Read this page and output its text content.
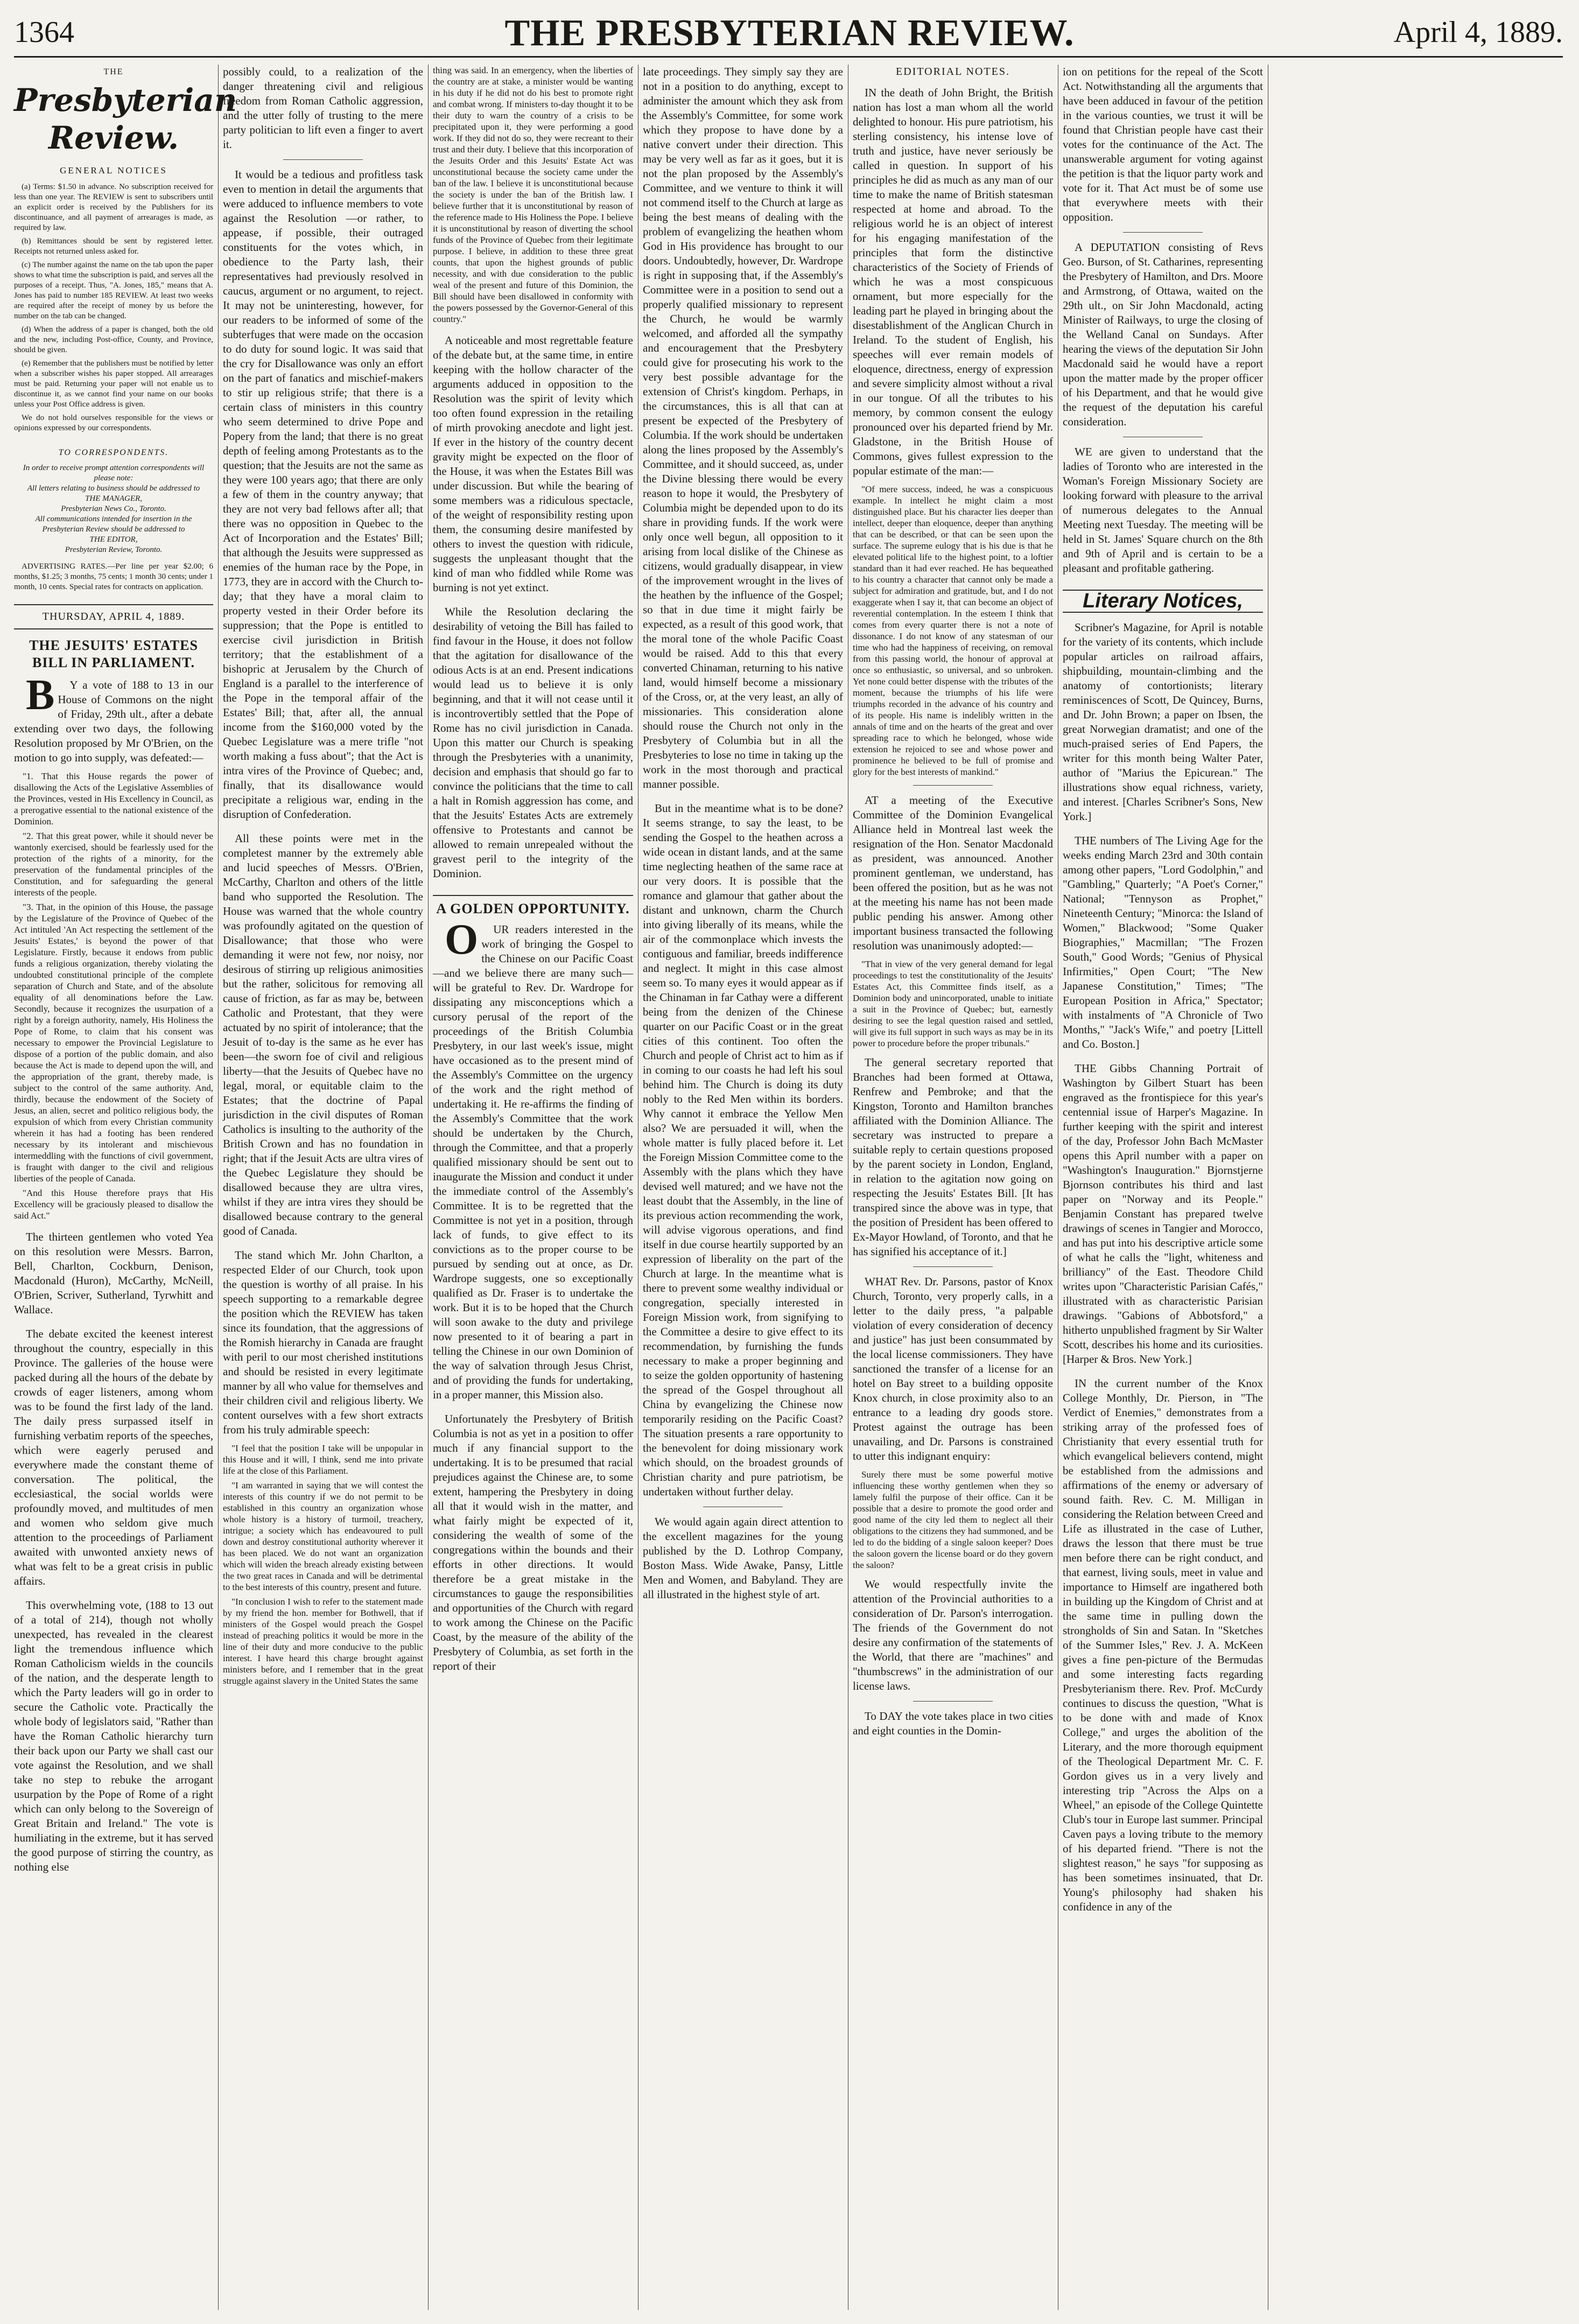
1364	THE PRESBYTERIAN REVIEW.	April 4, 1889.
THE
Presbyterian Review.
GENERAL NOTICES

(a) Terms: $1.50 in advance. No subscription received for less than one year. The REVIEW is sent to subscribers until an explicit order is received by the Publishers for its discontinuance, and all payment of arrearages is made, as required by law.

(b) Remittances should be sent by registered letter. Receipts not returned unless asked for.

(c) The number against the name on the tab upon the paper shows to what time the subscription is paid, and serves all the purposes of a receipt. Thus, "A. Jones, 185," means that A. Jones has paid to number 185 REVIEW. At least two weeks are required after the receipt of money by us before the number on the tab can be changed.

(d) When the address of a paper is changed, both the old and the new, including Post-office, County, and Province, should be given.

(e) Remember that the publishers must be notified by letter when a subscriber wishes his paper stopped. All arrearages must be paid. Returning your paper will not enable us to discontinue it, as we cannot find your name on our books unless your Post Office address is given.

We do not hold ourselves responsible for the views or opinions expressed by our correspondents.

TO CORRESPONDENTS.
In order to receive prompt attention correspondents will please note:
All letters relating to business should be addressed to
THE MANAGER,
Presbyterian News Co., Toronto.
All communications intended for insertion in the Presbyterian Review should be addressed to
THE EDITOR,
Presbyterian Review, Toronto.

ADVERTISING RATES.—Per line per year $2.00; 6 months, $1.25; 3 months, 75 cents; 1 month 30 cents; under 1 month, 10 cents. Special rates for contracts on application.

THURSDAY, APRIL 4, 1889.
THE JESUITS' ESTATES BILL IN PARLIAMENT.

BY a vote of 188 to 13 in our House of Commons on the night of Friday, 29th ult., after a debate extending over two days, the following Resolution proposed by Mr O'Brien, on the motion to go into supply, was defeated:—

"1. That this House regards the power of disallowing the Acts of the Legislative Assemblies of the Provinces, vested in His Excellency in Council, as a prerogative essential to the national existence of the Dominion.

"2. That this great power, while it should never be wantonly exercised, should be fearlessly used for the protection of the rights of a minority, for the preservation of the fundamental principles of the Constitution, and for safeguarding the general interests of the people.

"3. That, in the opinion of this House, the passage by the Legislature of the Province of Quebec of the Act intituled 'An Act respecting the settlement of the Jesuits' Estates,' is beyond the power of that Legislature. Firstly, because it endows from public funds a religious organization, thereby violating the undoubted constitutional principle of the complete separation of Church and State, and of the absolute equality of all denominations before the Law. Secondly, because it recognizes the usurpation of a right by a foreign authority, namely, His Holiness the Pope of Rome, to claim that his consent was necessary to empower the Provincial Legislature to dispose of a portion of the public domain, and also because the Act is made to depend upon the will, and the appropriation of the grant, thereby made, is subject to the control of the same authority. And, thirdly, because the endowment of the Society of Jesus, an alien, secret and politico religious body, the expulsion of which from every Christian community wherein it has had a footing has been rendered necessary by its intolerant and mischievous intermeddling with the functions of civil government, is fraught with danger to the civil and religious liberties of the people of Canada.

"And this House therefore prays that His Excellency will be graciously pleased to disallow the said Act."

The thirteen gentlemen who voted Yea on this resolution were Messrs. Barron, Bell, Charlton, Cockburn, Denison, Macdonald (Huron), McCarthy, McNeill, O'Brien, Scriver, Sutherland, Tyrwhitt and Wallace.

The debate excited the keenest interest throughout the country, especially in this Province. The galleries of the house were packed during all the hours of the debate by crowds of eager listeners, among whom was to be found the first lady of the land. The daily press surpassed itself in furnishing verbatim reports of the speeches, which were eagerly perused and everywhere made the constant theme of conversation. The political, the ecclesiastical, the social worlds were profoundly moved, and multitudes of men and women who seldom give much attention to the proceedings of Parliament awaited with unwonted anxiety news of what was felt to be a great crisis in public affairs.

This overwhelming vote, (188 to 13 out of a total of 214), though not wholly unexpected, has revealed in the clearest light the tremendous influence which Roman Catholicism wields in the councils of the nation, and the desperate length to which the Party leaders will go in order to secure the Catholic vote. Practically the whole body of legislators said, "Rather than have the Roman Catholic hierarchy turn their back upon our Party we shall cast our vote against the Resolution, and we shall take no step to rebuke the arrogant usurpation by the Pope of Rome of a right which can only belong to the Sovereign of Great Britain and Ireland." The vote is humiliating in the extreme, but it has served the good purpose of stirring the country, as nothing else

possibly could, to a realization of the danger threatening civil and religious freedom from Roman Catholic aggression, and the utter folly of trusting to the mere party politician to lift even a finger to avert it.

It would be a tedious and profitless task even to mention in detail the arguments that were adduced to influence members to vote against the Resolution —or rather, to appease, if possible, their outraged constituents for the votes which, in obedience to the Party lash, their representatives had previously resolved in caucus, argument or no argument, to reject. It may not be uninteresting, however, for our readers to be informed of some of the subterfuges that were made on the occasion to do duty for sound logic. It was said that the cry for Disallowance was only an effort on the part of fanatics and mischief-makers to stir up religious strife; that there is a certain class of ministers in this country who seem determined to drive Pope and Popery from the land; that there is no great depth of feeling among Protestants as to the question; that the Jesuits are not the same as they were 100 years ago; that there are only a few of them in the country anyway; that they are not very bad fellows after all; that there was no opposition in Quebec to the Act of Incorporation and the Estates' Bill; that although the Jesuits were suppressed as enemies of the human race by the Pope, in 1773, they are in accord with the Church to-day; that they have a moral claim to property vested in their Order before its suppression; that the Pope is entitled to exercise civil jurisdiction in British territory; that the establishment of a bishopric at Jerusalem by the Church of England is a parallel to the interference of the Pope in the temporal affair of the Estates' Bill; that, after all, the annual income from the $160,000 voted by the Quebec Legislature was a mere trifle "not worth making a fuss about"; that the Act is intra vires of the Province of Quebec; and, finally, that its disallowance would precipitate a religious war, ending in the disruption of Confederation.

All these points were met in the completest manner by the extremely able and lucid speeches of Messrs. O'Brien, McCarthy, Charlton and others of the little band who supported the Resolution. The House was warned that the whole country was profoundly agitated on the question of Disallowance; that those who were demanding it were not few, nor noisy, nor desirous of stirring up religious animosities but the rather, solicitous for removing all cause of friction, as far as may be, between Catholic and Protestant, that they were actuated by no spirit of intolerance; that the Jesuit of to-day is the same as he ever has been—the sworn foe of civil and religious liberty—that the Jesuits of Quebec have no legal, moral, or equitable claim to the Estates; that the doctrine of Papal jurisdiction in the civil disputes of Roman Catholics is insulting to the authority of the British Crown and has no foundation in right; that if the Jesuit Acts are ultra vires of the Quebec Legislature they should be disallowed because they are ultra vires, whilst if they are intra vires they should be disallowed because contrary to the general good of Canada.

The stand which Mr. John Charlton, a respected Elder of our Church, took upon the question is worthy of all praise. In his speech supporting to a remarkable degree the position which the REVIEW has taken since its foundation, that the aggressions of the Romish hierarchy in Canada are fraught with peril to our most cherished institutions and should be resisted in every legitimate manner by all who value for themselves and their children civil and religious liberty. We content ourselves with a few short extracts from his truly admirable speech:

"I feel that the position I take will be unpopular in this House and it will, I think, send me into private life at the close of this Parliament.

"I am warranted in saying that we will contest the interests of this country if we do not permit to be established in this country an organization whose whole history is a history of turmoil, treachery, intrigue; a society which has endeavoured to pull down and destroy constitutional authority wherever it has been placed. We do not want an organization which will widen the breach already existing between the two great races in Canada and will be detrimental to the best interests of this country, present and future.

"In conclusion I wish to refer to the statement made by my friend the hon. member for Bothwell, that if ministers of the Gospel would preach the Gospel instead of preaching politics it would be more in the line of their duty and more conducive to the public interest. I have heard this charge brought against ministers before, and I remember that in the great struggle against slavery in the United States the same

thing was said. In an emergency, when the liberties of the country are at stake, a minister would be wanting in his duty if he did not do his best to promote right and combat wrong. If ministers to-day thought it to be their duty to warn the country of a crisis to be precipitated upon it, they were performing a good work. If they did not do so, they were recreant to their trust and their duty. I believe that this incorporation of the Jesuits Order and this Jesuits' Estate Act was unconstitutional because the society came under the ban of the law. I believe it is unconstitutional because the society is under the ban of the British law. I believe further that it is unconstitutional by reason of the reference made to His Holiness the Pope. I believe it is unconstitutional by reason of diverting the school funds of the Province of Quebec from their legitimate purpose. I believe, in addition to these three great counts, that upon the highest grounds of public necessity, and with due consideration to the public weal of the present and future of this Dominion, the Bill should have been disallowed in conformity with the powers possessed by the Governor-General of this country."

A noticeable and most regrettable feature of the debate but, at the same time, in entire keeping with the hollow character of the arguments adduced in opposition to the Resolution was the spirit of levity which too often found expression in the retailing of mirth provoking anecdote and light jest. If ever in the history of the country decent gravity might be expected on the floor of the House, it was when the Estates Bill was under discussion. But while the bearing of some members was a ridiculous spectacle, of the weight of responsibility resting upon them, the consuming desire manifested by others to invest the question with ridicule, suggests the unpleasant thought that the kind of man who fiddled while Rome was burning is not yet extinct.

While the Resolution declaring the desirability of vetoing the Bill has failed to find favour in the House, it does not follow that the agitation for disallowance of the odious Acts is at an end. Present indications would lead us to believe it is only beginning, and that it will not cease until it is incontrovertibly settled that the Pope of Rome has no civil jurisdiction in Canada. Upon this matter our Church is speaking through the Presbyteries with a unanimity, decision and emphasis that should go far to convince the politicians that the time to call a halt in Romish aggression has come, and that the Jesuits' Estates Acts are extremely offensive to Protestants and cannot be allowed to remain unrepealed without the gravest peril to the integrity of the Dominion.

A GOLDEN OPPORTUNITY.

OUR readers interested in the work of bringing the Gospel to the Chinese on our Pacific Coast—and we believe there are many such—will be grateful to Rev. Dr. Wardrope for dissipating any misconceptions which a cursory perusal of the report of the proceedings of the British Columbia Presbytery, in our last week's issue, might have occasioned as to the present mind of the Assembly's Committee on the urgency of the work and the right method of undertaking it. He re-affirms the finding of the Assembly's Committee that the work should be undertaken by the Church, through the Committee, and that a properly qualified missionary should be sent out to inaugurate the Mission and conduct it under the immediate control of the Assembly's Committee. It is to be regretted that the Committee is not yet in a position, through lack of funds, to give effect to its convictions as to the proper course to be pursued by sending out at once, as Dr. Wardrope suggests, one so exceptionally qualified as Dr. Fraser is to undertake the work. But it is to be hoped that the Church will soon awake to the duty and privilege now presented to it of bearing a part in telling the Chinese in our own Dominion of the way of salvation through Jesus Christ, and of providing the funds for undertaking, in a proper manner, this Mission also.

Unfortunately the Presbytery of British Columbia is not as yet in a position to offer much if any financial support to the undertaking. It is to be presumed that racial prejudices against the Chinese are, to some extent, hampering the Presbytery in doing all that it would wish in the matter, and what fairly might be expected of it, considering the wealth of some of the congregations within the bounds and their efforts in other directions. It would therefore be a great mistake in the circumstances to gauge the responsibilities and opportunities of the Church with regard to work among the Chinese on the Pacific Coast, by the measure of the ability of the Presbytery of Columbia, as set forth in the report of their

late proceedings. They simply say they are not in a position to do anything, except to administer the amount which they ask from the Assembly's Committee, for some work which they propose to have done by a native convert under their direction. This may be very well as far as it goes, but it is not the plan proposed by the Assembly's Committee, and we venture to think it will not commend itself to the Church at large as being the best means of dealing with the problem of evangelizing the heathen whom God in His providence has brought to our doors. Undoubtedly, however, Dr. Wardrope is right in supposing that, if the Assembly's Committee were in a position to send out a properly qualified missionary to represent the Church, he would be warmly welcomed, and afforded all the sympathy and encouragement that the Presbytery could give for prosecuting his work to the very best possible advantage for the extension of Christ's kingdom. Perhaps, in the circumstances, this is all that can at present be expected of the Presbytery of Columbia. If the work should be undertaken along the lines proposed by the Assembly's Committee, and it should succeed, as, under the Divine blessing there would be every reason to hope it would, the Presbytery of Columbia might be depended upon to do its share in providing funds. If the work were only once well begun, all opposition to it arising from local dislike of the Chinese as citizens, would gradually disappear, in view of the improvement wrought in the lives of the heathen by the influence of the Gospel; so that in due time it might fairly be expected, as a result of this good work, that the moral tone of the whole Pacific Coast would be raised. Add to this that every converted Chinaman, returning to his native land, would himself become a missionary of the Cross, or, at the very least, an ally of missionaries. This consideration alone should rouse the Church not only in the Presbytery of Columbia but in all the Presbyteries to lose no time in taking up the work in the most thorough and practical manner possible.

But in the meantime what is to be done? It seems strange, to say the least, to be sending the Gospel to the heathen across a wide ocean in distant lands, and at the same time neglecting heathen of the same race at our very doors. It is possible that the romance and glamour that gather about the distant and unknown, charm the Church into giving liberally of its means, while the air of the commonplace which invests the contiguous and familiar, breeds indifference and neglect. It might in this case almost seem so. To many eyes it would appear as if the Chinaman in far Cathay were a different being from the denizen of the Chinese quarter on our Pacific Coast or in the great cities of this continent. Too often the Church and people of Christ act to him as if in coming to our coasts he had left his soul behind him. The Church is doing its duty nobly to the Red Men within its borders. Why cannot it embrace the Yellow Men also? We are persuaded it will, when the whole matter is fully placed before it. Let the Foreign Mission Committee come to the Assembly with the plans which they have devised well matured; and we have not the least doubt that the Assembly, in the line of its previous action recommending the work, will advise vigorous operations, and find itself in due course heartily supported by an expression of liberality on the part of the Church at large. In the meantime what is there to prevent some wealthy individual or congregation, specially interested in Foreign Mission work, from signifying to the Committee a desire to give effect to its recommendation, by furnishing the funds necessary to make a proper beginning and to seize the golden opportunity of hastening the spread of the Gospel throughout all China by evangelizing the Chinese now temporarily residing on the Pacific Coast? The situation presents a rare opportunity to the benevolent for doing missionary work which should, on the broadest grounds of Christian charity and pure patriotism, be undertaken without further delay.

We would again again direct attention to the excellent magazines for the young published by the D. Lothrop Company, Boston Mass. Wide Awake, Pansy, Little Men and Women, and Babyland. They are all illustrated in the highest style of art.

EDITORIAL NOTES.

IN the death of John Bright, the British nation has lost a man whom all the world delighted to honour. His pure patriotism, his sterling consistency, his intense love of truth and justice, have never seriously be called in question. In support of his principles he did as much as any man of our time to make the name of British statesman respected at home and abroad. To the religious world he is an object of interest for his engaging manifestation of the principles that form the distinctive characteristics of the Society of Friends of which he was a most conspicuous ornament, but more especially for the leading part he played in bringing about the disestablishment of the Anglican Church in Ireland. To the student of English, his speeches will ever remain models of eloquence, directness, energy of expression and severe simplicity almost without a rival in our tongue. Of all the tributes to his memory, by common consent the eulogy pronounced over his departed friend by Mr. Gladstone, in the British House of Commons, gives fullest expression to the popular estimate of the man:—

"Of mere success, indeed, he was a conspicuous example. In intellect he might claim a most distinguished place. But his character lies deeper than intellect, deeper than eloquence, deeper than anything that can be described, or that can be seen upon the surface. The supreme eulogy that is his due is that he elevated political life to the highest point, to a loftier standard than it had ever reached. He has bequeathed to his country a character that cannot only be made a subject for admiration and gratitude, but, and I do not exaggerate when I say it, that can become an object of reverential contemplation. In the esteem I think that comes from every quarter there is not a note of dissonance. I do not know of any statesman of our time who had the happiness of receiving, on removal from this passing world, the honour of approval at once so enthusiastic, so universal, and so unbroken. Yet none could better dispense with the tributes of the moment, because the triumphs of his life were triumphs recorded in the advance of his country and of its people. His name is indelibly written in the annals of time and on the hearts of the great and over spreading race to which he belonged, whose wide extension he rejoiced to see and whose power and prominence he believed to be full of promise and glory for the best interests of mankind."

AT a meeting of the Executive Committee of the Dominion Evangelical Alliance held in Montreal last week the resignation of the Hon. Senator Macdonald as president, was announced. Another prominent gentleman, we understand, has been offered the position, but as he was not at the meeting his name has not been made public pending his answer. Among other important business transacted the following resolution was unanimously adopted:—

"That in view of the very general demand for legal proceedings to test the constitutionality of the Jesuits' Estates Act, this Committee finds itself, as a Dominion body and unincorporated, unable to initiate a suit in the Province of Quebec; but, earnestly desiring to see the legal question raised and settled, will give its full support in such ways as may be in its power to procedure before the proper tribunals."

The general secretary reported that Branches had been formed at Ottawa, Renfrew and Pembroke; and that the Kingston, Toronto and Hamilton branches affiliated with the Dominion Alliance. The secretary was instructed to prepare a suitable reply to certain questions proposed by the parent society in London, England, in relation to the agitation now going on respecting the Jesuits' Estates Bill. [It has transpired since the above was in type, that the position of President has been offered to Ex-Mayor Howland, of Toronto, and that he has signified his acceptance of it.]

WHAT Rev. Dr. Parsons, pastor of Knox Church, Toronto, very properly calls, in a letter to the daily press, "a palpable violation of every consideration of decency and justice" has just been consummated by the local license commissioners. They have sanctioned the transfer of a license for an hotel on Bay street to a building opposite Knox church, in close proximity also to an entrance to a leading dry goods store. Protest against the outrage has been unavailing, and Dr. Parsons is constrained to utter this indignant enquiry:

Surely there must be some powerful motive influencing these worthy gentlemen when they so lamely fulfil the purpose of their office. Can it be possible that a desire to promote the good order and good name of the city led them to neglect all their obligations to the citizens they had summoned, and be led to do the bidding of a single saloon keeper? Does the saloon govern the license board or do they govern the saloon?

We would respectfully invite the attention of the Provincial authorities to a consideration of Dr. Parson's interrogation. The friends of the Government do not desire any confirmation of the statements of the World, that there are "machines" and "thumbscrews" in the administration of our license laws.

To DAY the vote takes place in two cities and eight counties in the Domin-

ion on petitions for the repeal of the Scott Act. Notwithstanding all the arguments that have been adduced in favour of the petition in the various counties, we trust it will be found that Christian people have cast their votes for the continuance of the Act. The unanswerable argument for voting against the petition is that the liquor party work and vote for it. That Act must be of some use that everywhere meets with their opposition.

A DEPUTATION consisting of Revs Geo. Burson, of St. Catharines, representing the Presbytery of Hamilton, and Drs. Moore and Armstrong, of Ottawa, waited on the 29th ult., on Sir John Macdonald, acting Minister of Railways, to urge the closing of the Welland Canal on Sundays. After hearing the views of the deputation Sir John Macdonald said he would have a report upon the matter made by the proper officer of his Department, and that he would give the request of the deputation his careful consideration.

WE are given to understand that the ladies of Toronto who are interested in the Woman's Foreign Missionary Society are looking forward with pleasure to the arrival of numerous delegates to the Annual Meeting next Tuesday. The meeting will be held in St. James' Square church on the 8th and 9th of April and is certain to be a pleasant and profitable gathering.

Literary Notices,

Scribner's Magazine, for April is notable for the variety of its contents, which include popular articles on railroad affairs, shipbuilding, mountain-climbing and the anatomy of contortionists; literary reminiscences of Scott, De Quincey, Burns, and Dr. John Brown; a paper on Ibsen, the great Norwegian dramatist; and one of the much-praised series of End Papers, the writer for this month being Walter Pater, author of "Marius the Epicurean." The illustrations show equal richness, variety, and interest. [Charles Scribner's Sons, New York.]

THE numbers of The Living Age for the weeks ending March 23rd and 30th contain among other papers, "Lord Godolphin," and "Gambling," Quarterly; "A Poet's Corner," National; "Tennyson as Prophet," Nineteenth Century; "Minorca: the Island of Women," Blackwood; "Some Quaker Biographies," Macmillan; "The Frozen South," Good Words; "Genius of Physical Infirmities," Open Court; "The New Japanese Constitution," Times; "The European Position in Africa," Spectator; with instalments of "A Chronicle of Two Months," "Jack's Wife," and poetry [Littell and Co. Boston.]

THE Gibbs Channing Portrait of Washington by Gilbert Stuart has been engraved as the frontispiece for this year's centennial issue of Harper's Magazine. In further keeping with the spirit and interest of the day, Professor John Bach McMaster opens this April number with a paper on "Washington's Inauguration." Bjornstjerne Bjornson contributes his third and last paper on "Norway and its People." Benjamin Constant has prepared twelve drawings of scenes in Tangier and Morocco, and has put into his descriptive article some of what he calls the "light, whiteness and brilliancy" of the East. Theodore Child writes upon "Characteristic Parisian Cafés," illustrated with as characteristic Parisian drawings. "Gabions of Abbotsford," a hitherto unpublished fragment by Sir Walter Scott, describes his home and its curiosities. [Harper & Bros. New York.]

IN the current number of the Knox College Monthly, Dr. Pierson, in "The Verdict of Enemies," demonstrates from a striking array of the professed foes of Christianity that every essential truth for which evangelical believers contend, might be established from the admissions and affirmations of the enemy or adversary of sound faith. Rev. C. M. Milligan in considering the Relation between Creed and Life as illustrated in the case of Luther, draws the lesson that there must be true men before there can be right conduct, and that earnest, living souls, meet in value and importance to Himself are ingathered both in building up the Kingdom of Christ and at the same time in pulling down the strongholds of Sin and Satan. In "Sketches of the Summer Isles," Rev. J. A. McKeen gives a fine pen-picture of the Bermudas and some interesting facts regarding Presbyterianism there. Rev. Prof. McCurdy continues to discuss the question, "What is to be done with and made of Knox College," and urges the abolition of the Literary, and the more thorough equipment of the Theological Department Mr. C. F. Gordon gives us in a very lively and interesting trip "Across the Alps on a Wheel," an episode of the College Quintette Club's tour in Europe last summer. Principal Caven pays a loving tribute to the memory of his departed friend. "There is not the slightest reason," he says "for supposing as has been sometimes insinuated, that Dr. Young's philosophy had shaken his confidence in any of the
